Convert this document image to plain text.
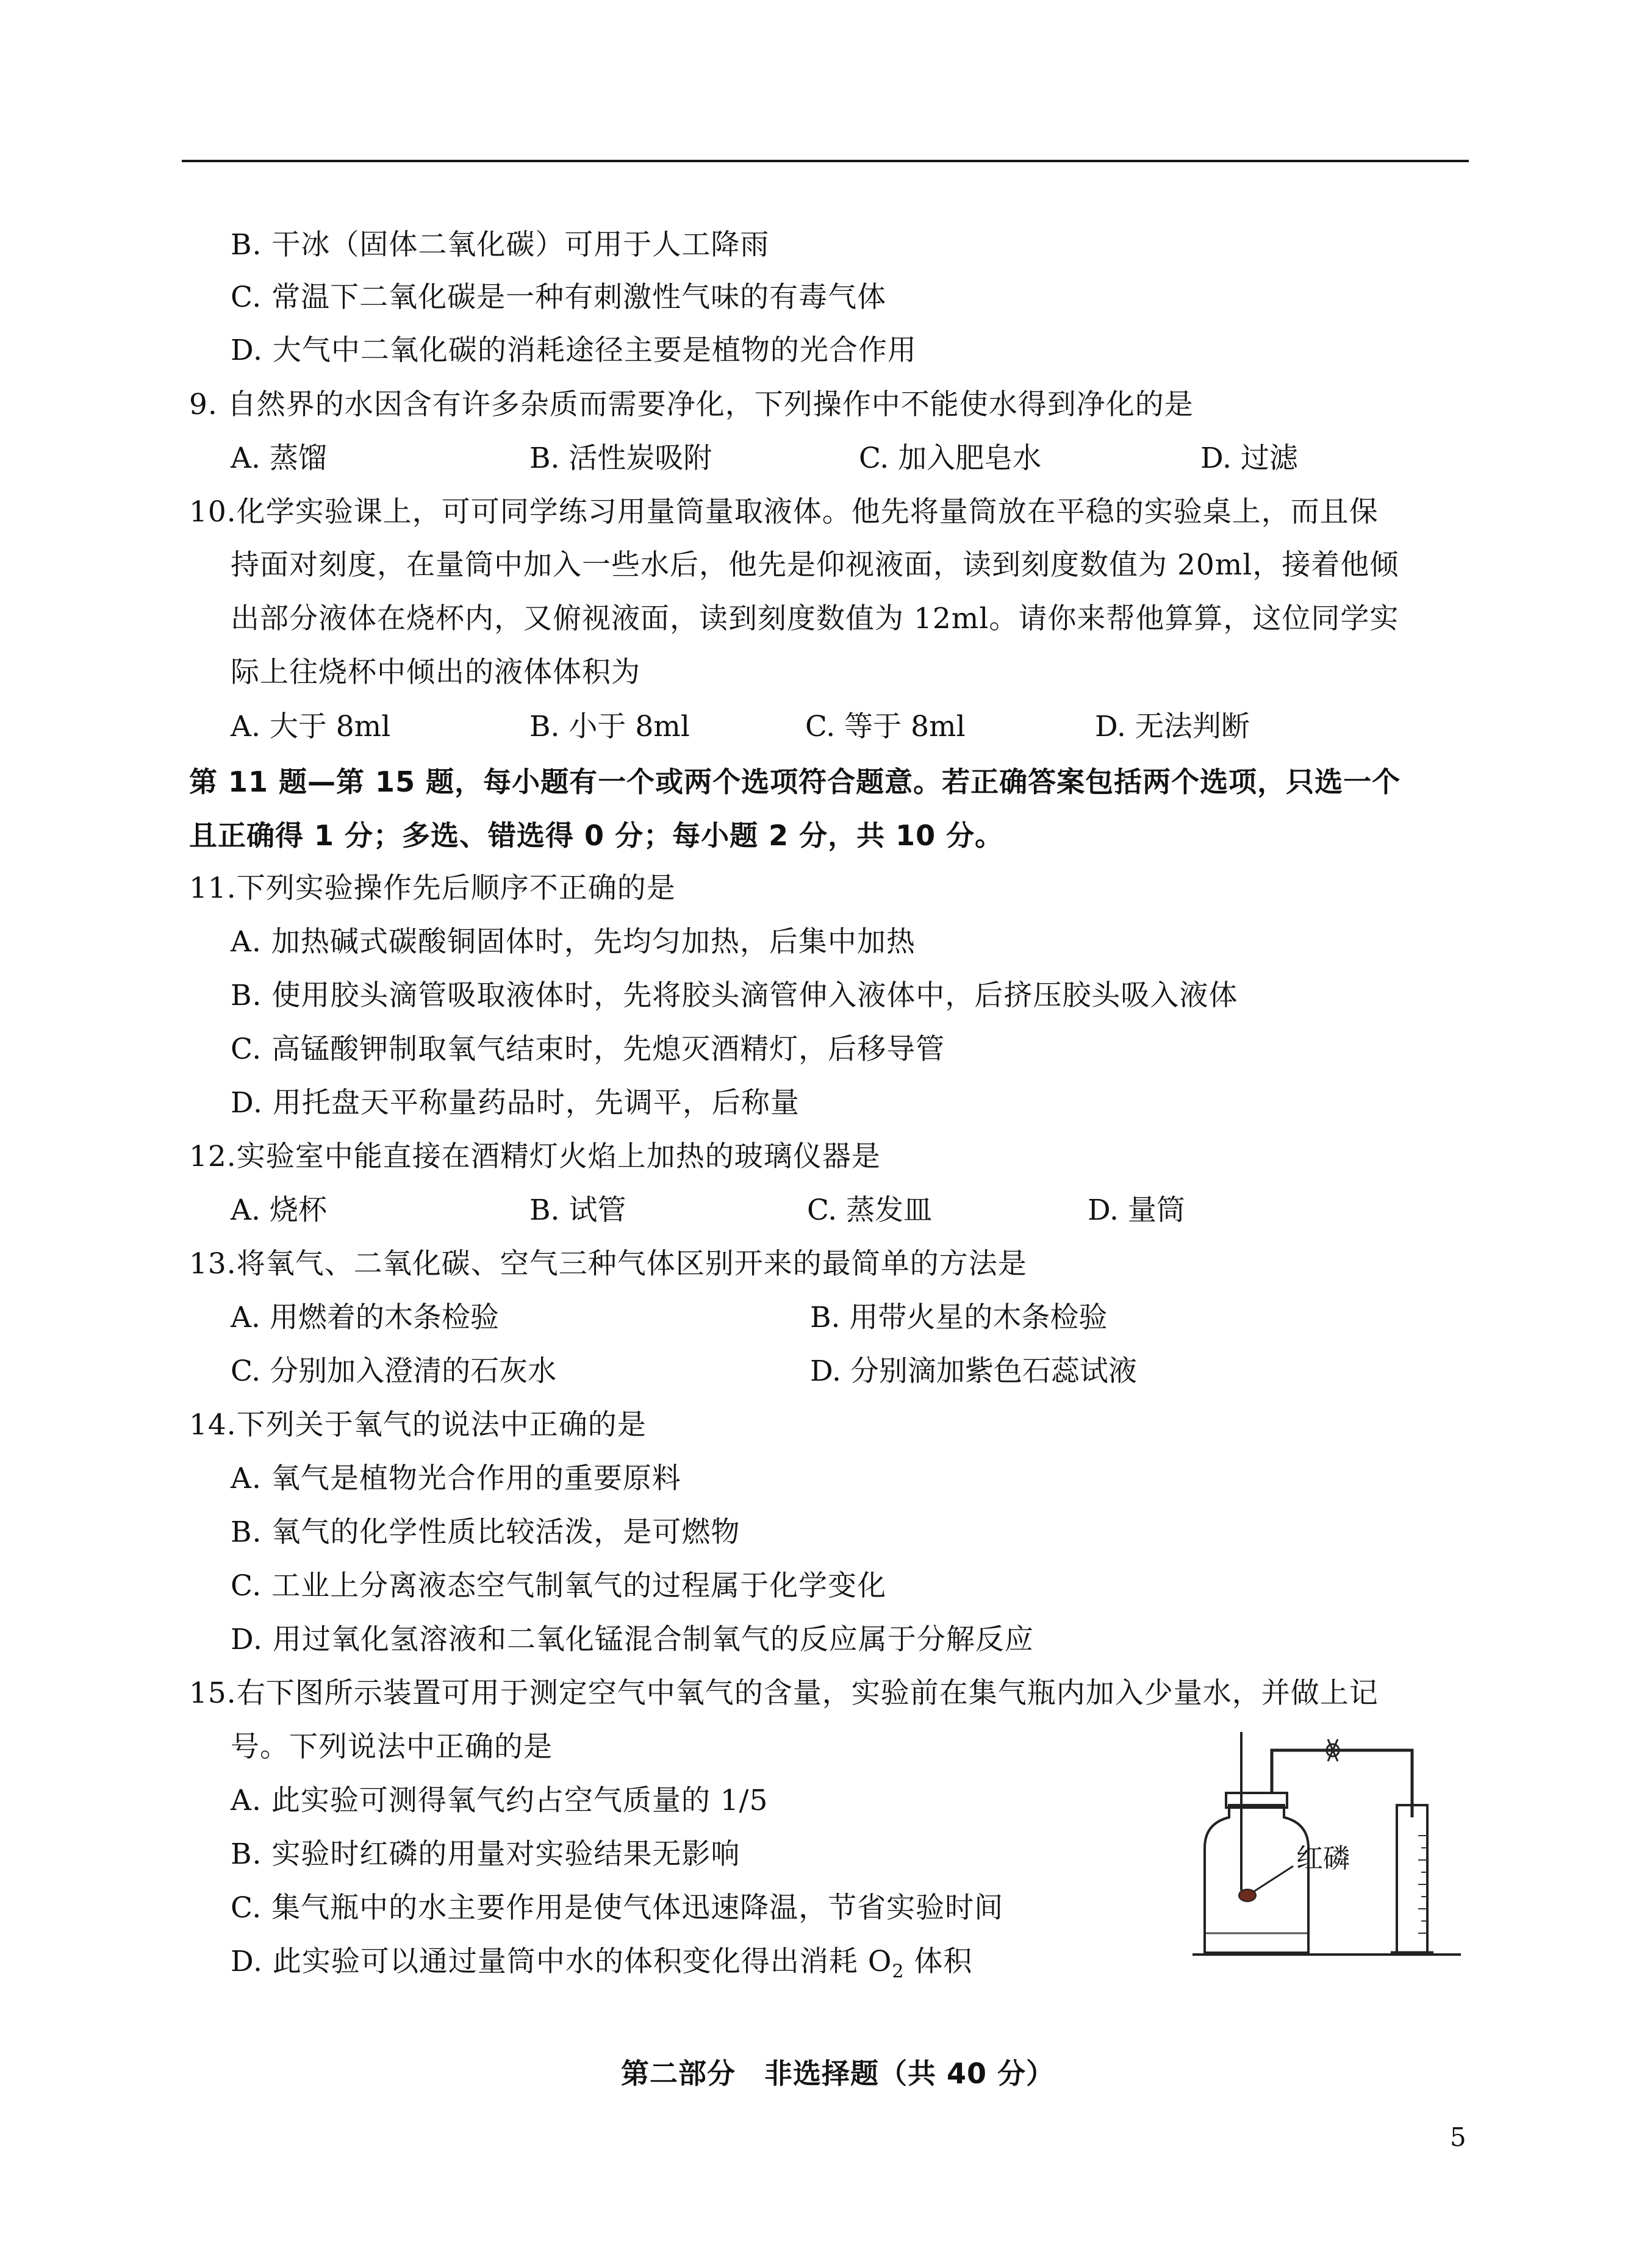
B. 干冰（固体二氧化碳）可用于人工降雨
C. 常温下二氧化碳是一种有刺激性气味的有毒气体
D. 大气中二氧化碳的消耗途径主要是植物的光合作用
9. 自然界的水因含有许多杂质而需要净化，下列操作中不能使水得到净化的是
A. 蒸馏	B. 活性炭吸附	C. 加入肥皂水	D. 过滤
10.化学实验课上，可可同学练习用量筒量取液体。他先将量筒放在平稳的实验桌上，而且保
持面对刻度，在量筒中加入一些水后，他先是仰视液面，读到刻度数值为 20ml，接着他倾
出部分液体在烧杯内，又俯视液面，读到刻度数值为 12ml。请你来帮他算算，这位同学实
际上往烧杯中倾出的液体体积为
A. 大于 8ml	B. 小于 8ml	C. 等于 8ml	D. 无法判断
第 11 题—第 15 题，每小题有一个或两个选项符合题意。若正确答案包括两个选项，只选一个
且正确得 1 分；多选、错选得 0 分；每小题 2 分，共 10 分。
11.下列实验操作先后顺序不正确的是
A. 加热碱式碳酸铜固体时，先均匀加热，后集中加热
B. 使用胶头滴管吸取液体时，先将胶头滴管伸入液体中，后挤压胶头吸入液体
C. 高锰酸钾制取氧气结束时，先熄灭酒精灯，后移导管
D. 用托盘天平称量药品时，先调平，后称量
12.实验室中能直接在酒精灯火焰上加热的玻璃仪器是
A. 烧杯	B. 试管	C. 蒸发皿	D. 量筒
13.将氧气、二氧化碳、空气三种气体区别开来的最简单的方法是
A. 用燃着的木条检验	B. 用带火星的木条检验
C. 分别加入澄清的石灰水	D. 分别滴加紫色石蕊试液
14.下列关于氧气的说法中正确的是
A. 氧气是植物光合作用的重要原料
B. 氧气的化学性质比较活泼，是可燃物
C. 工业上分离液态空气制氧气的过程属于化学变化
D. 用过氧化氢溶液和二氧化锰混合制氧气的反应属于分解反应
15.右下图所示装置可用于测定空气中氧气的含量，实验前在集气瓶内加入少量水，并做上记
号。下列说法中正确的是
A. 此实验可测得氧气约占空气质量的 1/5
B. 实验时红磷的用量对实验结果无影响
C. 集气瓶中的水主要作用是使气体迅速降温，节省实验时间
D. 此实验可以通过量筒中水的体积变化得出消耗 $O_2$ 体积
红磷
第二部分　非选择题（共 40 分）
5
